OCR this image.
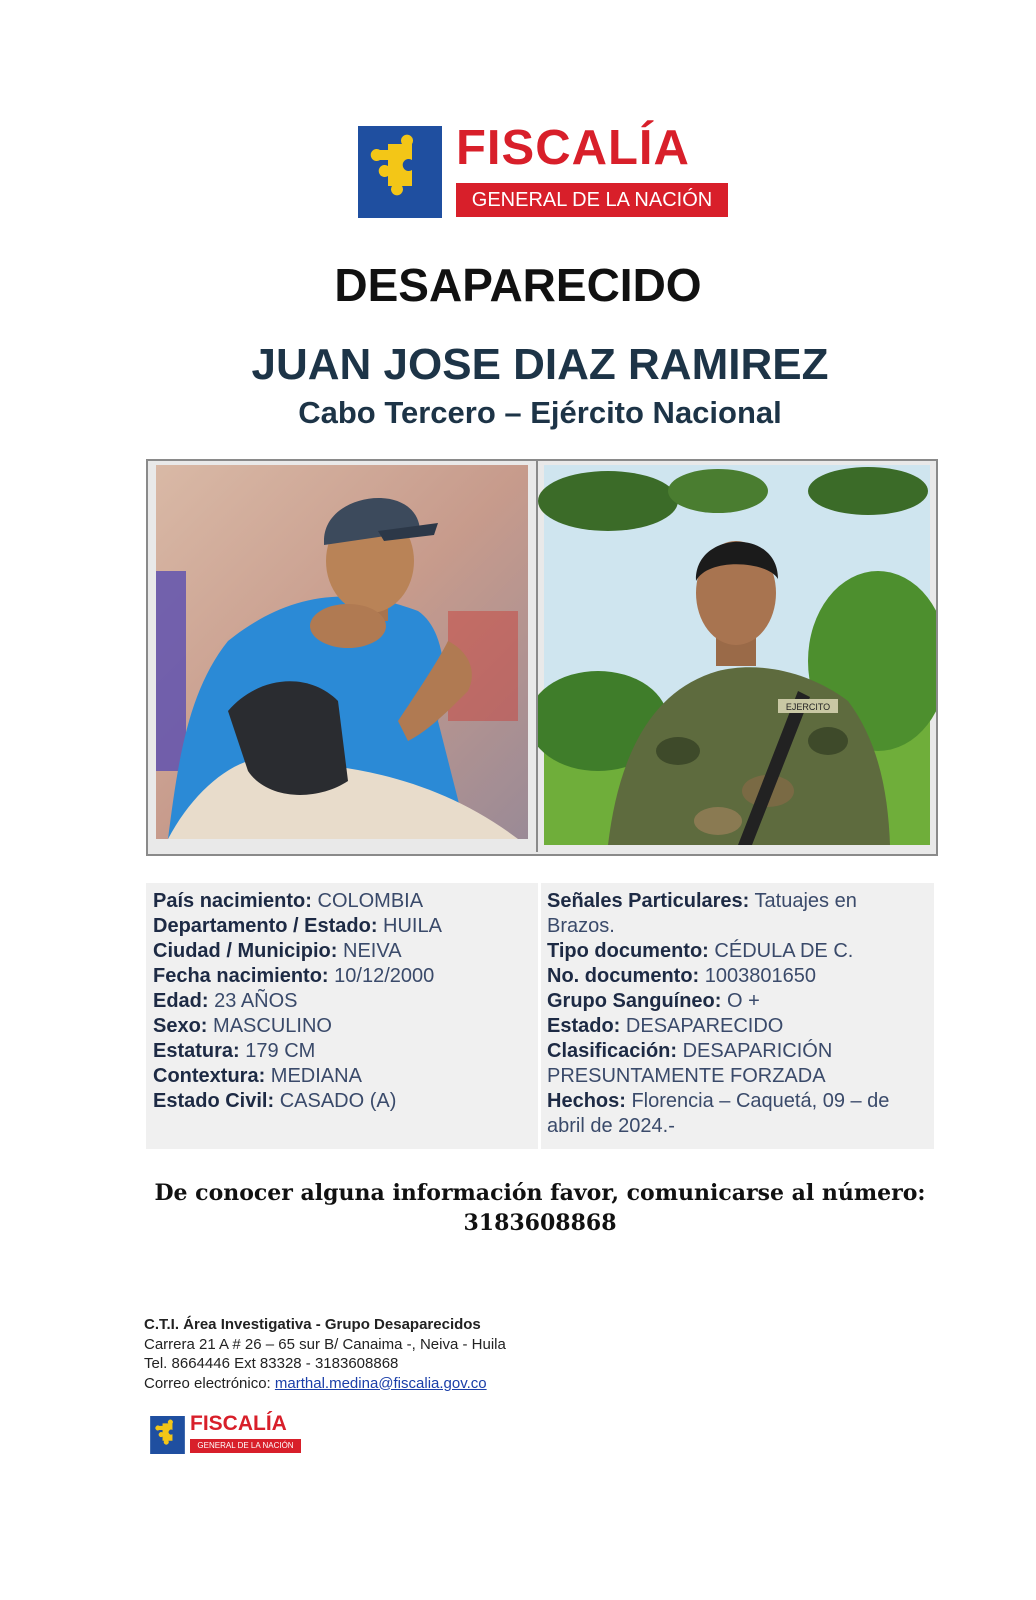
FISCALÍA
GENERAL DE LA NACIÓN
DESAPARECIDO
JUAN JOSE DIAZ RAMIREZ
Cabo Tercero – Ejército Nacional
EJERCITO
País nacimiento: COLOMBIA
Departamento / Estado: HUILA
Ciudad / Municipio: NEIVA
Fecha nacimiento: 10/12/2000
Edad: 23 AÑOS
Sexo: MASCULINO
Estatura: 179 CM
Contextura: MEDIANA
Estado Civil: CASADO (A)
Señales Particulares: Tatuajes en
Brazos.
Tipo documento: CÉDULA DE C.
No. documento: 1003801650
Grupo Sanguíneo: O +
Estado: DESAPARECIDO
Clasificación: DESAPARICIÓN
PRESUNTAMENTE FORZADA
Hechos: Florencia – Caquetá, 09 – de
abril de 2024.-
De conocer alguna información favor, comunicarse al número:
3183608868
C.T.I. Área Investigativa - Grupo Desaparecidos
Carrera 21 A # 26 – 65 sur B/ Canaima -, Neiva - Huila
Tel. 8664446 Ext 83328 - 3183608868
Correo electrónico: marthal.medina@fiscalia.gov.co
FISCALÍA
GENERAL DE LA NACIÓN
